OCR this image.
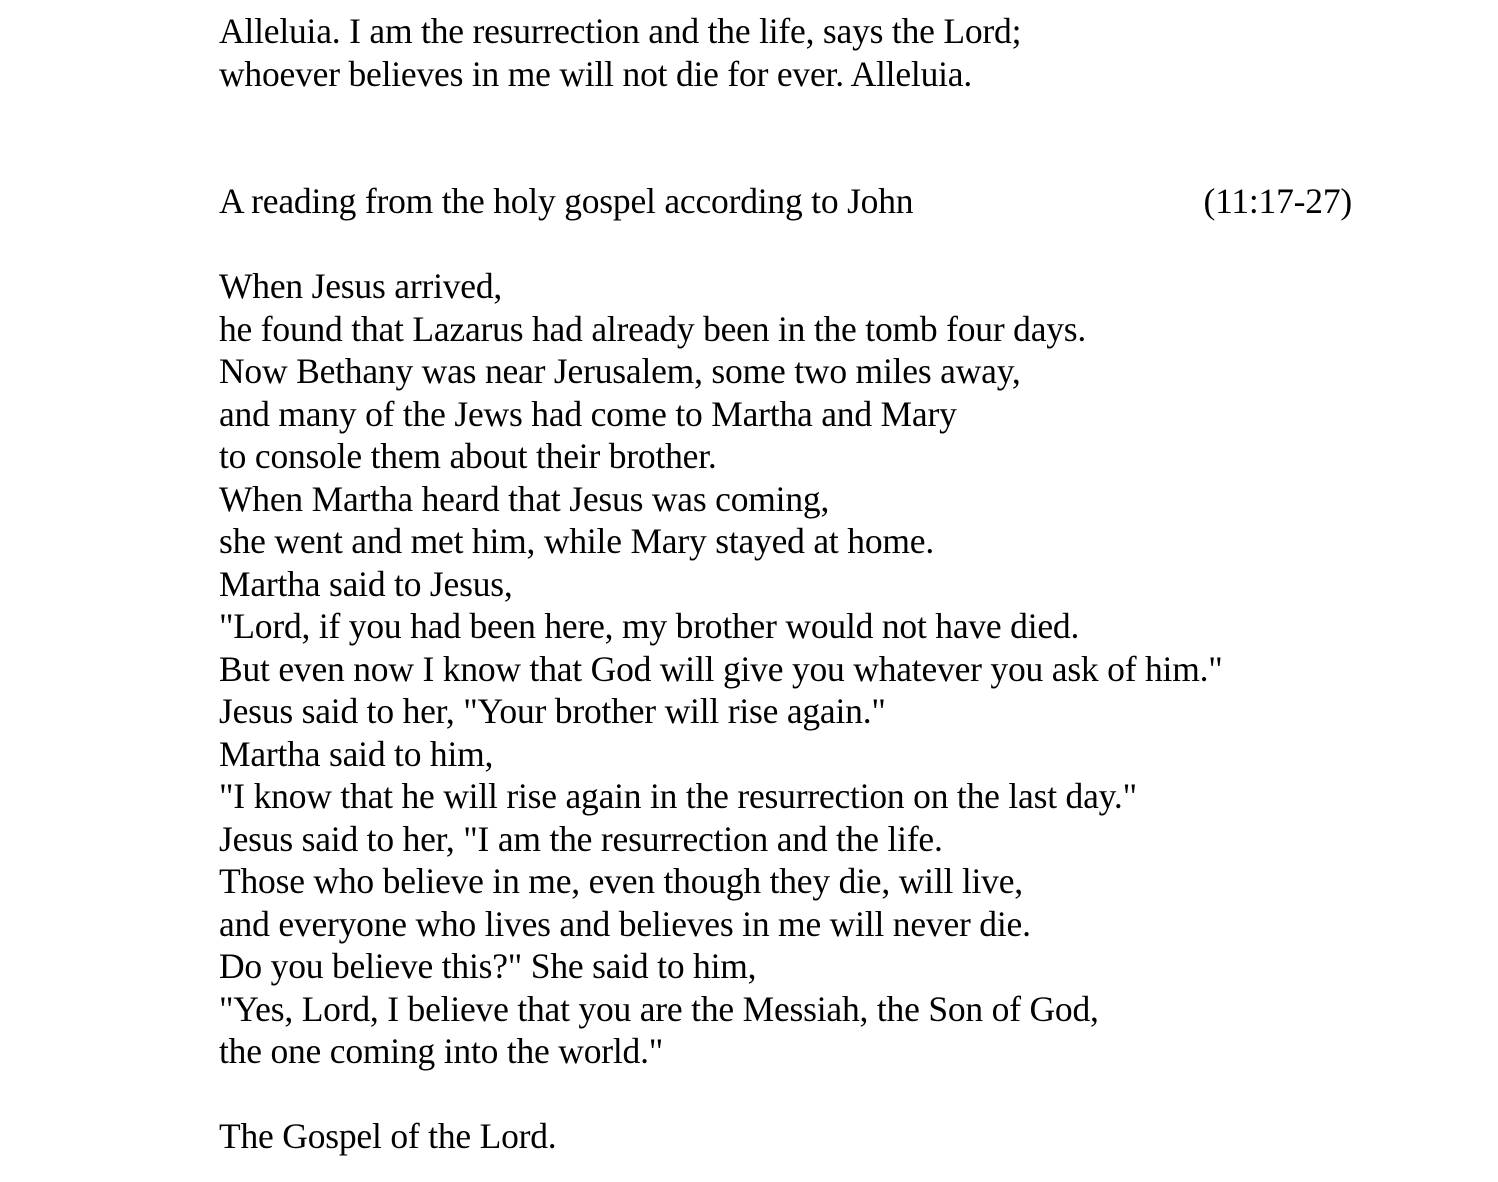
Alleluia. I am the resurrection and the life, says the Lord;
whoever believes in me will not die for ever. Alleluia.
A reading from the holy gospel according to John	(11:17-27)
When Jesus arrived,
he found that Lazarus had already been in the tomb four days.
Now Bethany was near Jerusalem, some two miles away,
and many of the Jews had come to Martha and Mary
to console them about their brother.
When Martha heard that Jesus was coming,
she went and met him, while Mary stayed at home.
Martha said to Jesus,
"Lord, if you had been here, my brother would not have died.
But even now I know that God will give you whatever you ask of him."
Jesus said to her, "Your brother will rise again."
Martha said to him,
"I know that he will rise again in the resurrection on the last day."
Jesus said to her, "I am the resurrection and the life.
Those who believe in me, even though they die, will live,
and everyone who lives and believes in me will never die.
Do you believe this?" She said to him,
"Yes, Lord, I believe that you are the Messiah, the Son of God,
the one coming into the world."
The Gospel of the Lord.
